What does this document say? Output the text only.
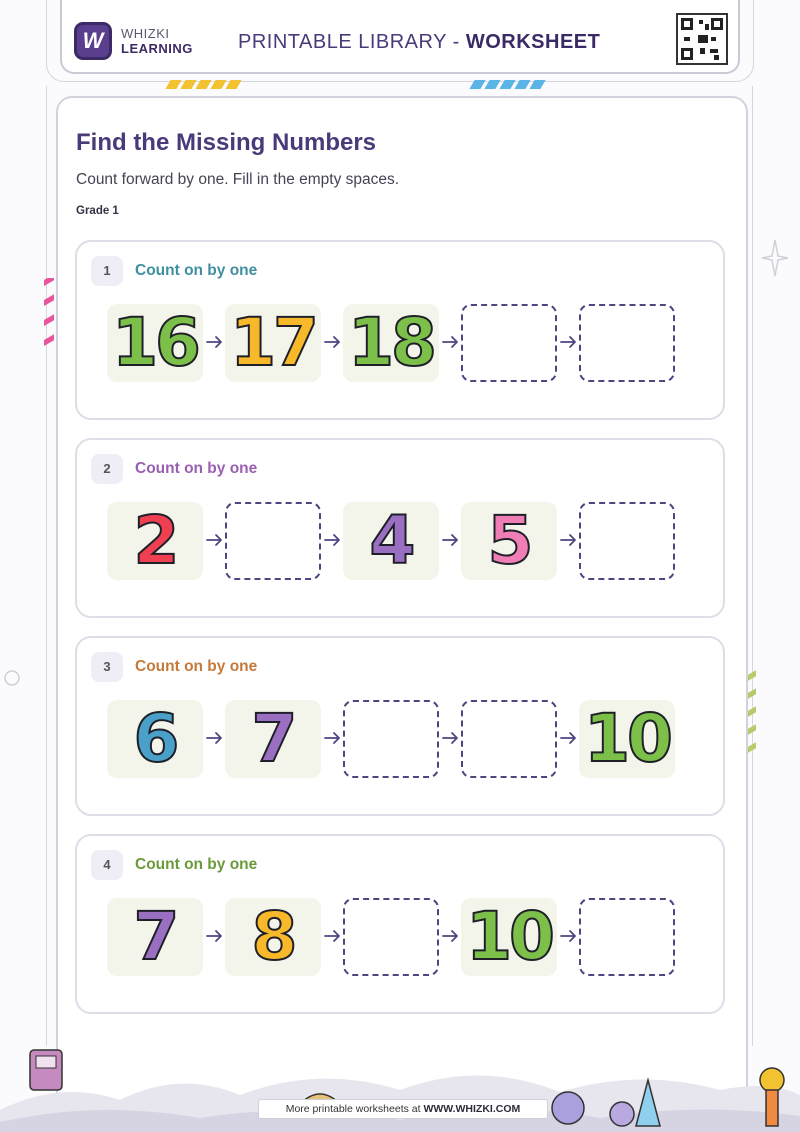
W	WHIZKI
LEARNING PRINTABLE LIBRARY - WORKSHEET
Find the Missing Numbers
Count forward by one. Fill in the empty spaces.
Grade 1
1	Count on by one
16 17 18
2	Count on by one
2	4	5
3	Count on by one
6	7	10
4	Count on by one
7	8	10
More printable worksheets at WWW.WHIZKI.COM
